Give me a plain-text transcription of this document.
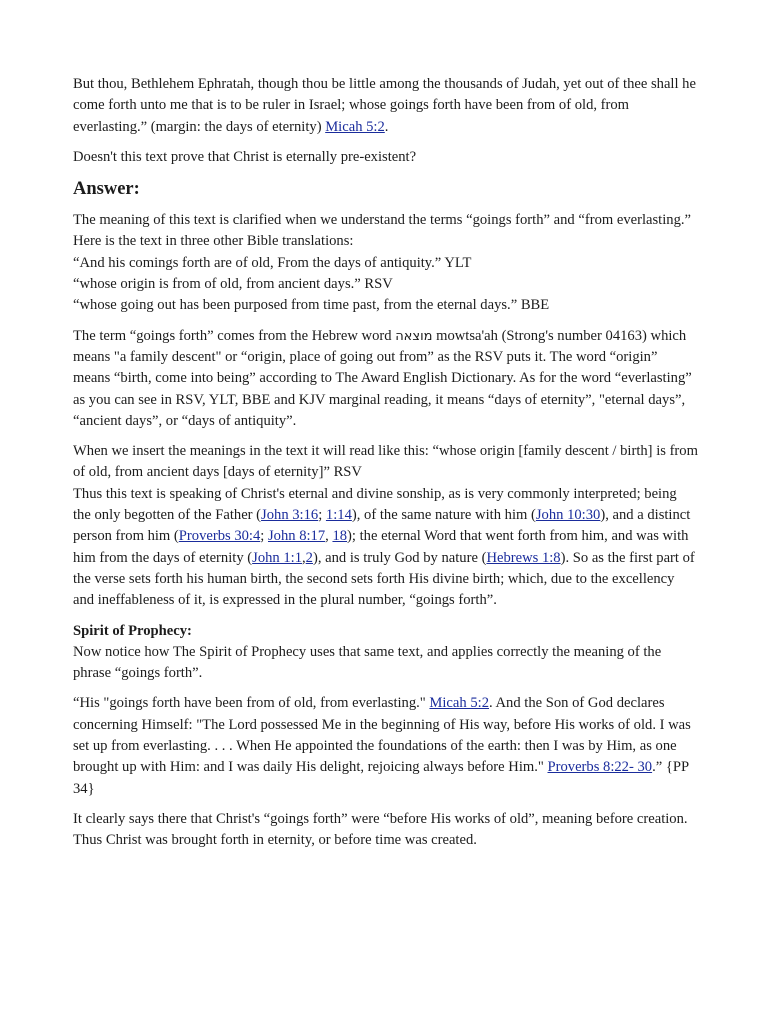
But thou, Bethlehem Ephratah, though thou be little among the thousands of Judah, yet out of thee shall he come forth unto me that is to be ruler in Israel; whose goings forth have been from of old, from everlasting.” (margin: the days of eternity) Micah 5:2.

Doesn't this text prove that Christ is eternally pre-existent?

Answer:

The meaning of this text is clarified when we understand the terms “goings forth” and “from everlasting.” Here is the text in three other Bible translations:
“And his comings forth are of old, From the days of antiquity.” YLT
“whose origin is from of old, from ancient days.” RSV
“whose going out has been purposed from time past, from the eternal days.” BBE

The term “goings forth” comes from the Hebrew word מוצאה mowtsa'ah (Strong's number 04163) which means "a family descent" or “origin, place of going out from” as the RSV puts it. The word “origin” means “birth, come into being” according to The Award English Dictionary. As for the word “everlasting” as you can see in RSV, YLT, BBE and KJV marginal reading, it means “days of eternity”, "eternal days”, “ancient days”, or “days of antiquity”.

When we insert the meanings in the text it will read like this: “whose origin [family descent / birth] is from of old, from ancient days [days of eternity]” RSV
Thus this text is speaking of Christ's eternal and divine sonship, as is very commonly interpreted; being the only begotten of the Father (John 3:16; 1:14), of the same nature with him (John 10:30), and a distinct person from him (Proverbs 30:4; John 8:17, 18); the eternal Word that went forth from him, and was with him from the days of eternity (John 1:1,2), and is truly God by nature (Hebrews 1:8). So as the first part of the verse sets forth his human birth, the second sets forth His divine birth; which, due to the excellency and ineffableness of it, is expressed in the plural number, “goings forth”.

Spirit of Prophecy:
Now notice how The Spirit of Prophecy uses that same text, and applies correctly the meaning of the phrase “goings forth”.

“His "goings forth have been from of old, from everlasting." Micah 5:2. And the Son of God declares concerning Himself: "The Lord possessed Me in the beginning of His way, before His works of old. I was set up from everlasting. . . . When He appointed the foundations of the earth: then I was by Him, as one brought up with Him: and I was daily His delight, rejoicing always before Him." Proverbs 8:22- 30.” {PP 34}

It clearly says there that Christ's “goings forth” were “before His works of old”, meaning before creation. Thus Christ was brought forth in eternity, or before time was created.
